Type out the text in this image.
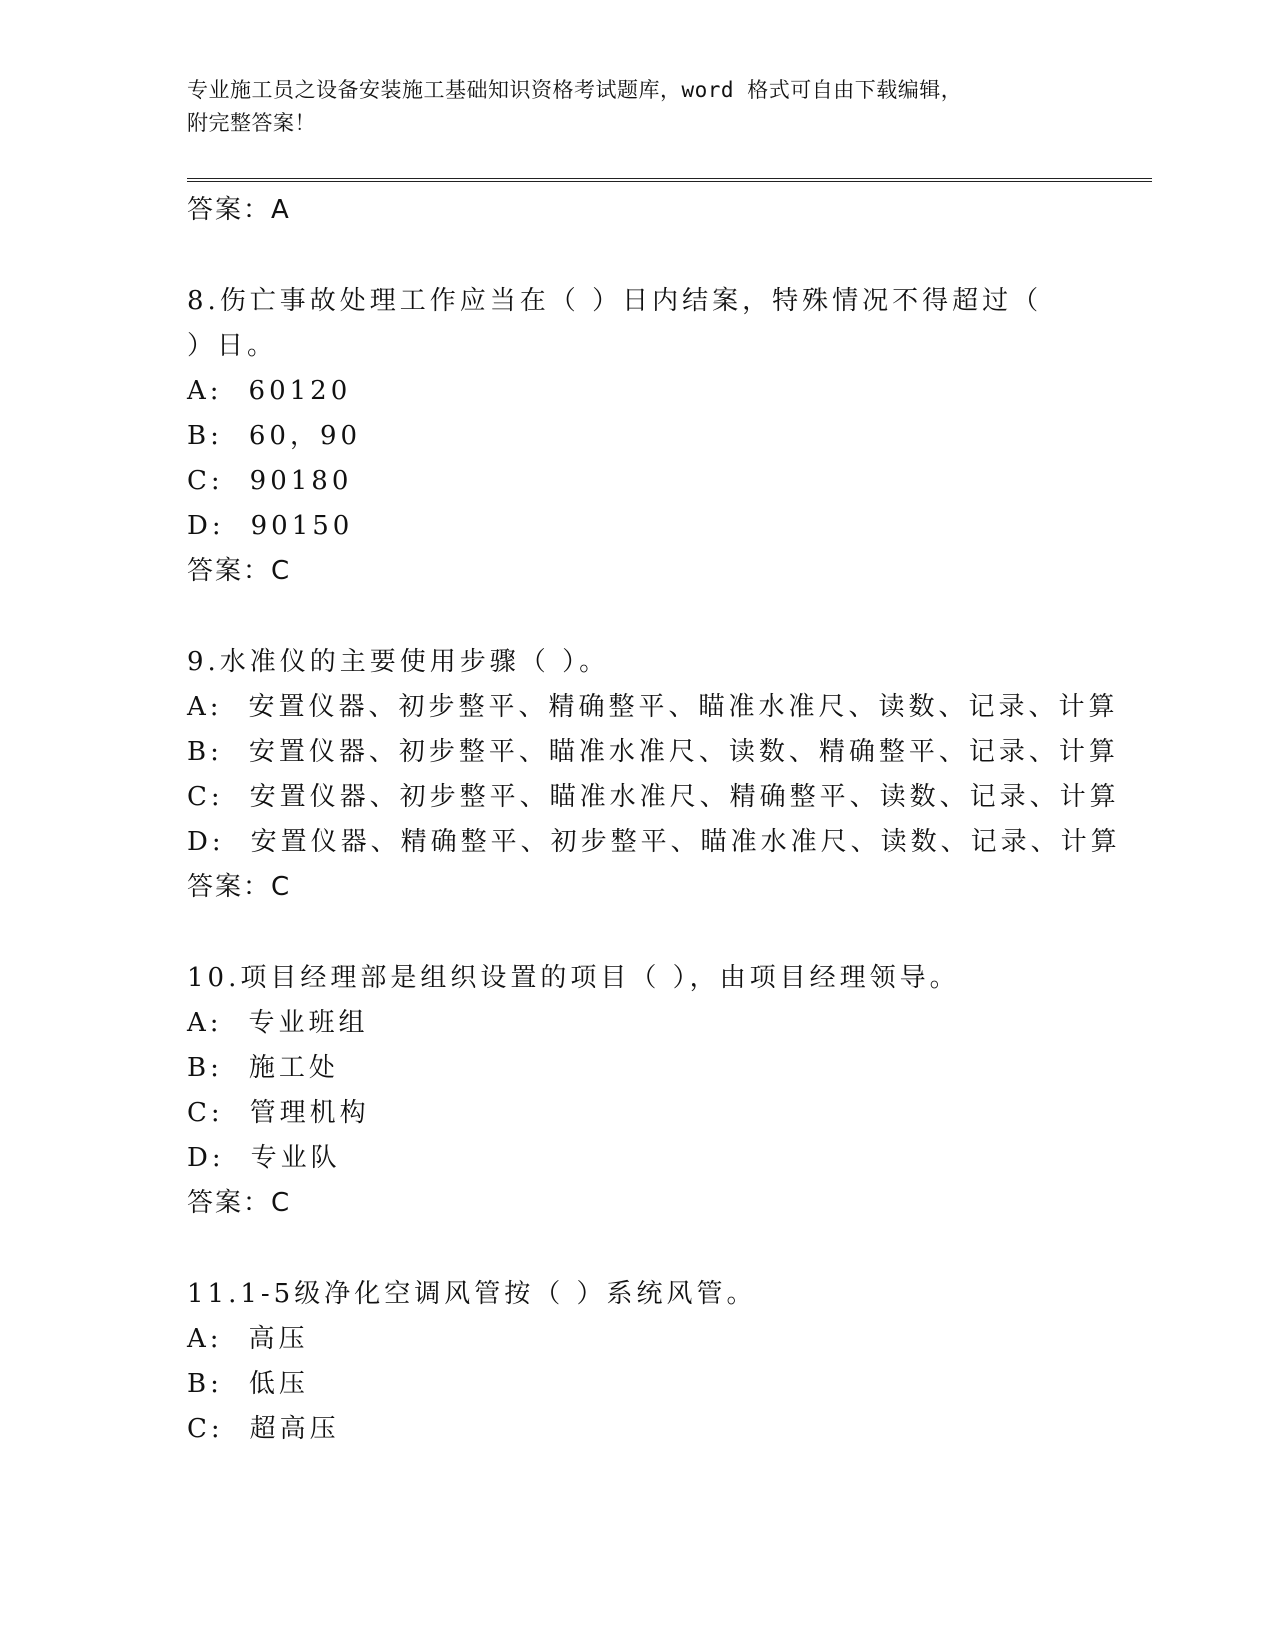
专业施工员之设备安装施工基础知识资格考试题库，word 格式可自由下载编辑，
附完整答案！
答案：A
8.伤亡事故处理工作应当在（ ）日内结案，特殊情况不得超过（ ）日。
A: 60120
B: 60，90
C: 90180
D: 90150
答案：C
9.水准仪的主要使用步骤（ ）。
A: 安置仪器、初步整平、精确整平、瞄准水准尺、读数、记录、计算
B: 安置仪器、初步整平、瞄准水准尺、读数、精确整平、记录、计算
C: 安置仪器、初步整平、瞄准水准尺、精确整平、读数、记录、计算
D: 安置仪器、精确整平、初步整平、瞄准水准尺、读数、记录、计算
答案：C
10.项目经理部是组织设置的项目（ ），由项目经理领导。
A: 专业班组
B: 施工处
C: 管理机构
D: 专业队
答案：C
11.1-5级净化空调风管按（ ）系统风管。
A: 高压
B: 低压
C: 超高压
